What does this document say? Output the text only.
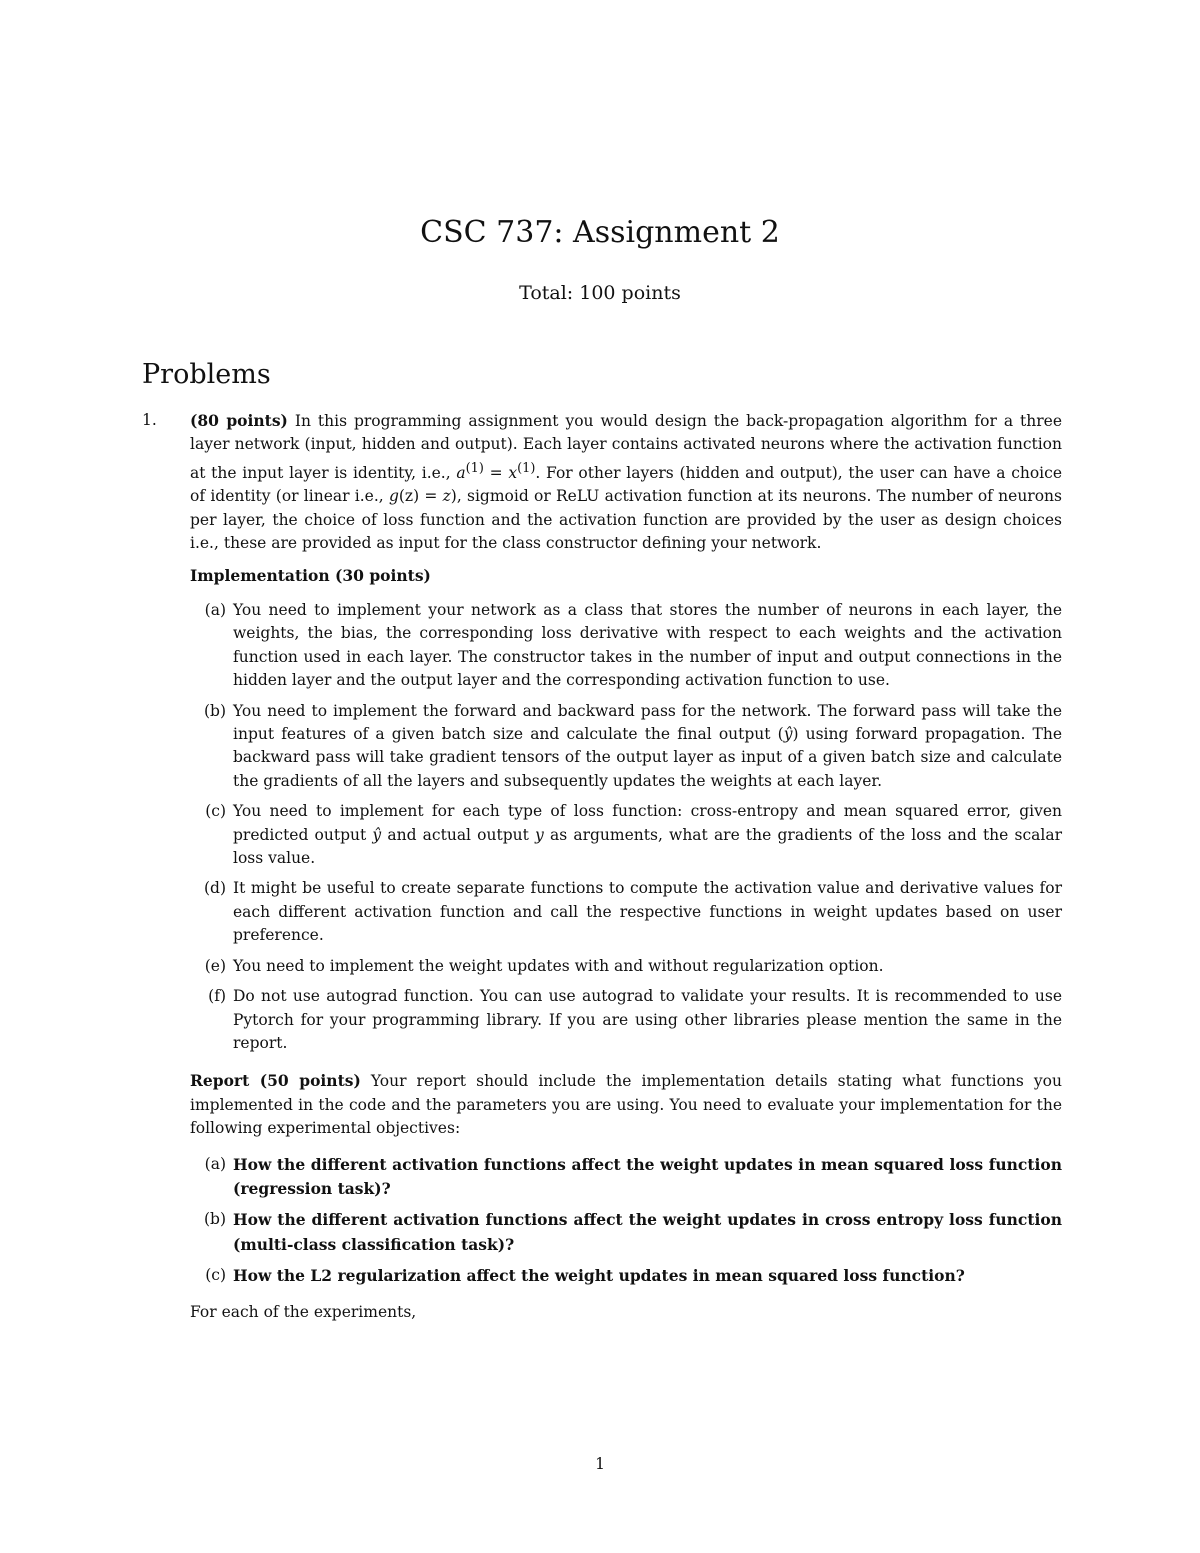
CSC 737: Assignment 2
Total: 100 points
Problems
1.	(80 points) In this programming assignment you would design the back-propagation algorithm for a three layer network (input, hidden and output). Each layer contains activated neurons where the activation function at the input layer is identity, i.e., $a^{(1)} = x^{(1)}$. For other layers (hidden and output), the user can have a choice of identity (or linear i.e., g(z) = z), sigmoid or ReLU activation function at its neurons. The number of neurons per layer, the choice of loss function and the activation function are provided by the user as design choices i.e., these are provided as input for the class constructor defining your network.

Implementation (30 points)

(a) You need to implement your network as a class that stores the number of neurons in each layer, the weights, the bias, the corresponding loss derivative with respect to each weights and the activation function used in each layer. The constructor takes in the number of input and output connections in the hidden layer and the output layer and the corresponding activation function to use.
(b) You need to implement the forward and backward pass for the network. The forward pass will take the input features of a given batch size and calculate the final output (ŷ) using forward propagation. The backward pass will take gradient tensors of the output layer as input of a given batch size and calculate the gradients of all the layers and subsequently updates the weights at each layer.
(c) You need to implement for each type of loss function: cross-entropy and mean squared error, given predicted output ŷ and actual output y as arguments, what are the gradients of the loss and the scalar loss value.
(d) It might be useful to create separate functions to compute the activation value and derivative values for each different activation function and call the respective functions in weight updates based on user preference.
(e) You need to implement the weight updates with and without regularization option.
(f) Do not use autograd function. You can use autograd to validate your results. It is recommended to use Pytorch for your programming library. If you are using other libraries please mention the same in the report.

Report (50 points) Your report should include the implementation details stating what functions you implemented in the code and the parameters you are using. You need to evaluate your implementation for the following experimental objectives:

(a) How the different activation functions affect the weight updates in mean squared loss function (regression task)?
(b) How the different activation functions affect the weight updates in cross entropy loss function (multi-class classification task)?
(c) How the L2 regularization affect the weight updates in mean squared loss function?

For each of the experiments,

1
